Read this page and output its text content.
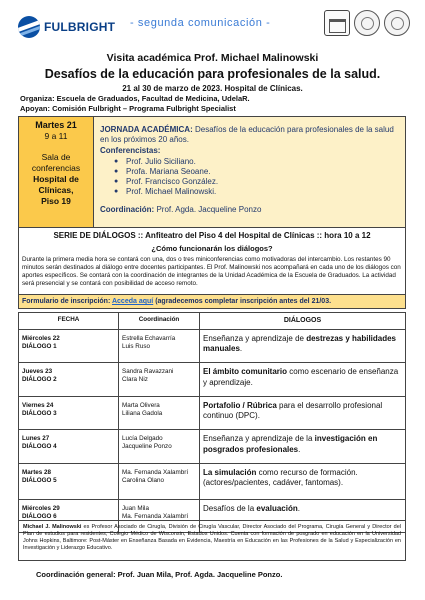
FULBRIGHT - segunda comunicación -
Visita académica Prof. Michael Malinowski
Desafíos de la educación para profesionales de la salud.
21 al 30 de marzo de 2023. Hospital de Clínicas.
Organiza: Escuela de Graduados, Facultad de Medicina, UdelaR.
Apoyan: Comisión Fulbright – Programa Fulbright Specialist
Martes 21
9 a 11
Sala de
conferencias
Hospital de
Clínicas,
Piso 19
JORNADA ACADÉMICA: Desafíos de la educación para profesionales de la salud en los próximos 20 años.
Conferencistas:
● Prof. Julio Siciliano.
● Profa. Mariana Seoane.
● Prof. Francisco González.
● Prof. Michael Malinowski.
Coordinación: Prof. Agda. Jacqueline Ponzo
SERIE DE DIÁLOGOS :: Anfiteatro del Piso 4 del Hospital de Clínicas :: hora 10 a 12
¿Cómo funcionarán los diálogos?
Durante la primera media hora se contará con una, dos o tres miniconferencias como motivadoras del intercambio. Los restantes 90 minutos serán destinados al diálogo entre docentes participantes. El Prof. Malinowski nos acompañará en cada uno de los diálogos con aportes específicos. Se contará con la coordinación de integrantes de la Unidad Académica de la Escuela de Graduados. La actividad será presencial y se contará con posibilidad de acceso remoto.
Formulario de inscripción: Acceda aquí (agradecemos completar inscripción antes del 21/03.
FECHA	Coordinación	DIÁLOGOS
Miércoles 22
DIÁLOGO 1
Estrella Echavarría
Luis Ruso
Enseñanza y aprendizaje de destrezas y habilidades manuales.
Jueves 23
DIÁLOGO 2
Sandra Ravazzani
Clara Niz
El ámbito comunitario como escenario de enseñanza y aprendizaje.
Viernes 24
DIÁLOGO 3
Marta Olivera
Liliana Gadola
Portafolio / Rúbrica para el desarrollo profesional continuo (DPC).
Lunes 27
DIÁLOGO 4
Lucía Delgado
Jacqueline Ponzo
Enseñanza y aprendizaje de la investigación en posgrados profesionales.
Martes 28
DIÁLOGO 5
Ma. Fernanda Xalambrí
Carolina Olano
La simulación como recurso de formación. (actores/pacientes, cadáver, fantomas).
Miércoles 29
DIÁLOGO 6
Juan Mila
Ma. Fernanda Xalambrí
Desafíos de la evaluación.
Michael J. Malinowski es Profesor Asociado de Cirugía, División de Cirugía Vascular, Director Asociado del Programa, Cirugía General y Director del Plan de estudios para residentes, Colegio Médico de Wisconsin, Estados Unidos. Cuenta con formación de posgrado en educación en la Universidad Johns Hopkins, Baltimore: Post-Máster en Enseñanza Basada en Evidencia, Maestría en Educación en las Profesiones de la Salud y Especialización en Investigación y Liderazgo Educativo.
Coordinación general: Prof. Juan Mila, Prof. Agda. Jacqueline Ponzo.
